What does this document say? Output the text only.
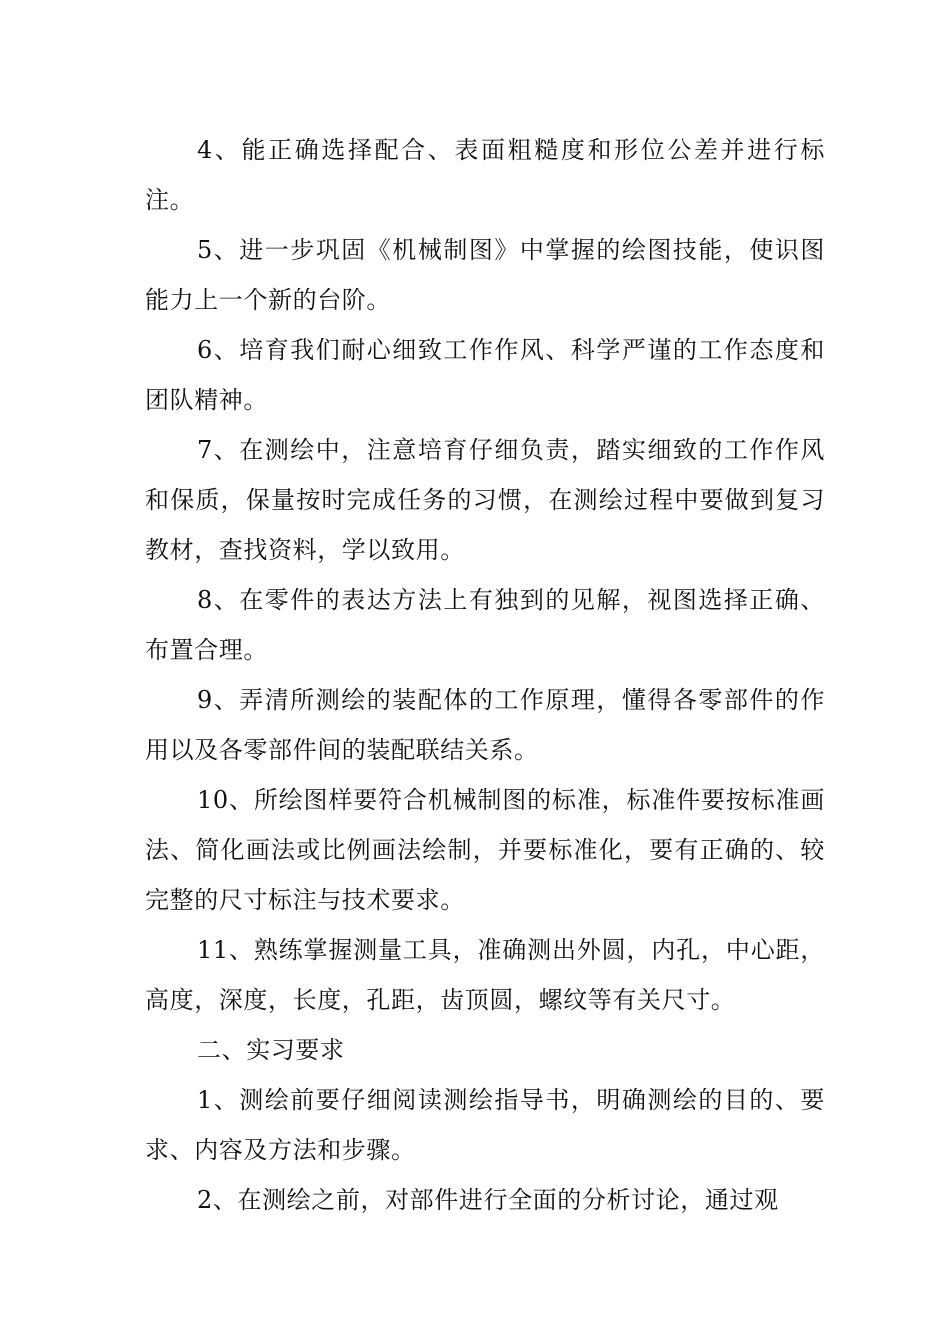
4、能正确选择配合、表面粗糙度和形位公差并进行标注。

5、进一步巩固《机械制图》中掌握的绘图技能，使识图能力上一个新的台阶。

6、培育我们耐心细致工作作风、科学严谨的工作态度和团队精神。

7、在测绘中，注意培育仔细负责，踏实细致的工作作风和保质，保量按时完成任务的习惯，在测绘过程中要做到复习教材，查找资料，学以致用。

8、在零件的表达方法上有独到的见解，视图选择正确、布置合理。

9、弄清所测绘的装配体的工作原理，懂得各零部件的作用以及各零部件间的装配联结关系。

10、所绘图样要符合机械制图的标准，标准件要按标准画法、简化画法或比例画法绘制，并要标准化，要有正确的、较完整的尺寸标注与技术要求。

11、熟练掌握测量工具，准确测出外圆，内孔，中心距，高度，深度，长度，孔距，齿顶圆，螺纹等有关尺寸。

二、实习要求

1、测绘前要仔细阅读测绘指导书，明确测绘的目的、要求、内容及方法和步骤。

2、在测绘之前，对部件进行全面的分析讨论，通过观
